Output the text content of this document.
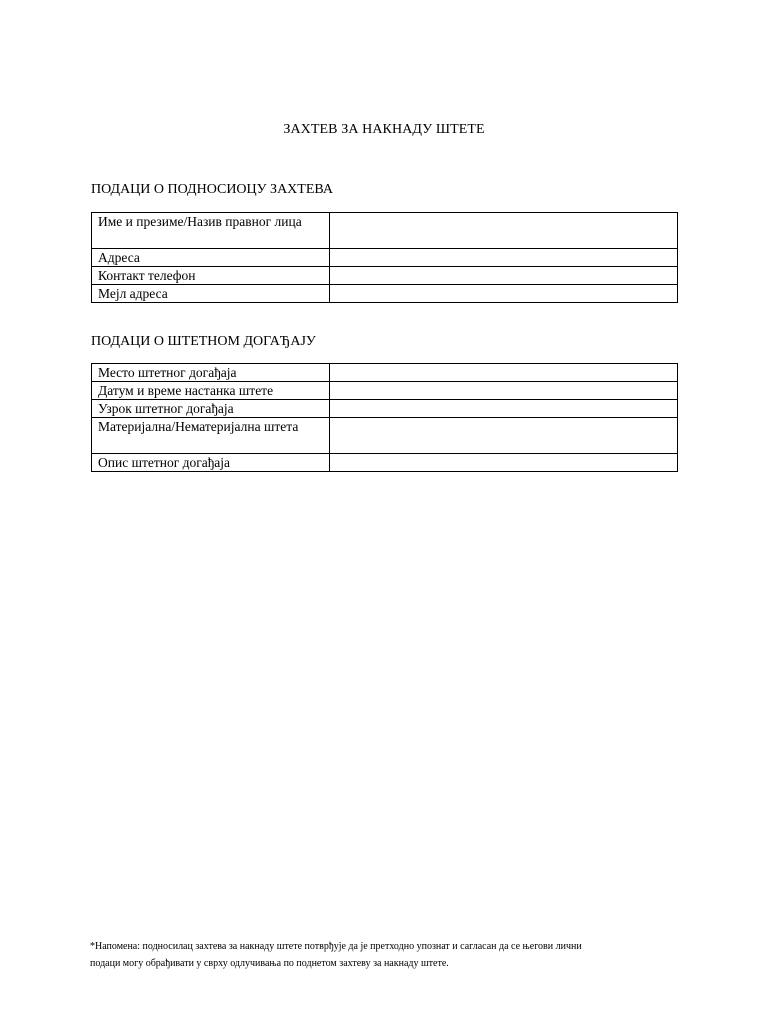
ЗАХТЕВ ЗА НАКНАДУ ШТЕТЕ
ПОДАЦИ О ПОДНОСИОЦУ ЗАХТЕВА
Име и презиме/Назив правног лица	
Адреса	
Контакт телефон	
Мејл адреса	
ПОДАЦИ О ШТЕТНОМ ДОГАЂАЈУ
Место штетног догађаја	
Датум и време настанка штете	
Узрок штетног догађаја	
Материјална/Нематеријална штета	
Опис штетног догађаја	
*Напомена: подносилац захтева за накнаду штете потврђује да је претходно упознат и сагласан да се његови лични
подаци могу обрађивати у сврху одлучивања по поднетом захтеву за накнаду штете.
